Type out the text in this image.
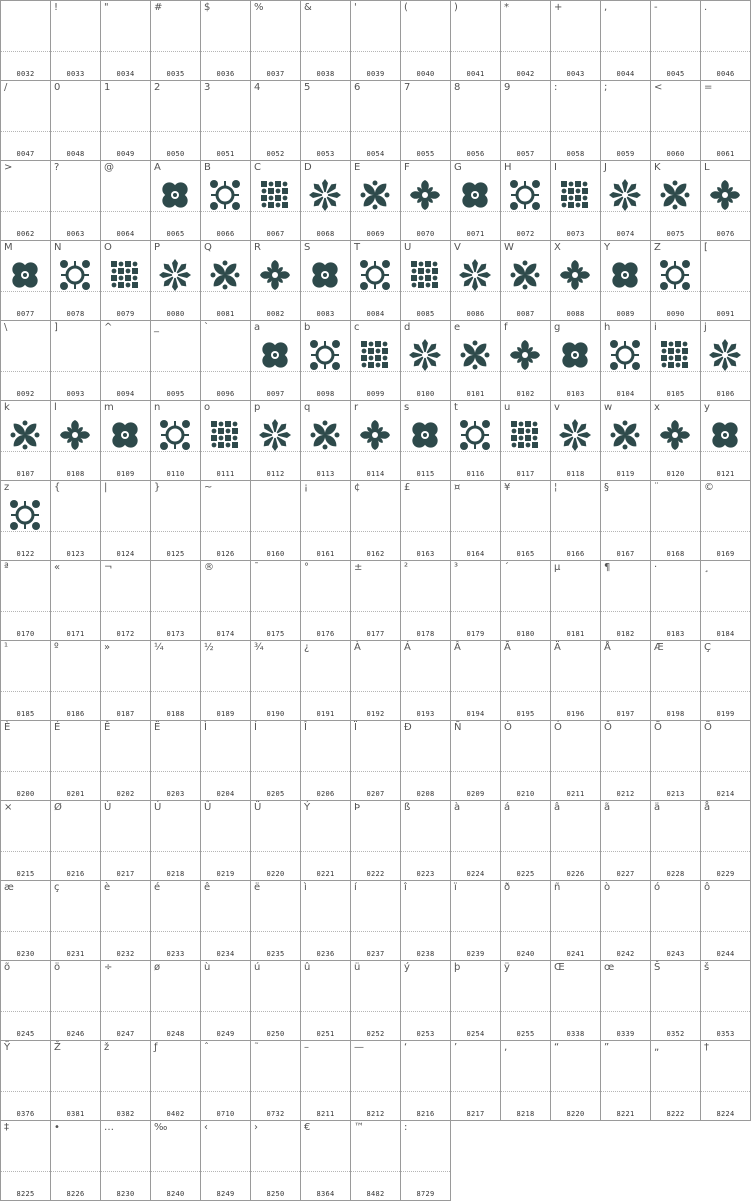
0032
!
0033
"
0034
#
0035
$
0036
%
0037
&
0038
'
0039
(
0040
)
0041
*
0042
+
0043
,
0044
-
0045
.
0046
/
0047
0
0048
1
0049
2
0050
3
0051
4
0052
5
0053
6
0054
7
0055
8
0056
9
0057
:
0058
;
0059
<
0060
=
0061
>
0062
?
0063
@
0064
A
0065
B
0066
C
0067
D
0068
E
0069
F
0070
G
0071
H
0072
I
0073
J
0074
K
0075
L
0076
M
0077
N
0078
O
0079
P
0080
Q
0081
R
0082
S
0083
T
0084
U
0085
V
0086
W
0087
X
0088
Y
0089
Z
0090
[
0091
\
0092
]
0093
^
0094
_
0095
`
0096
a
0097
b
0098
c
0099
d
0100
e
0101
f
0102
g
0103
h
0104
i
0105
j
0106
k
0107
l
0108
m
0109
n
0110
o
0111
p
0112
q
0113
r
0114
s
0115
t
0116
u
0117
v
0118
w
0119
x
0120
y
0121
z
0122
{
0123
|
0124
}
0125
~
0126	0160
¡
0161
¢
0162
£
0163
¤
0164
¥
0165
¦
0166
§
0167
¨
0168
©
0169
ª
0170
«
0171
¬
0172	0173
®
0174
¯
0175
°
0176
±
0177
²
0178
³
0179
´
0180
µ
0181
¶
0182
·
0183
¸
0184
¹
0185
º
0186
»
0187
¼
0188
½
0189
¾
0190
¿
0191
À
0192
Á
0193
Â
0194
Ã
0195
Ä
0196
Å
0197
Æ
0198
Ç
0199
È
0200
É
0201
Ê
0202
Ë
0203
Ì
0204
Í
0205
Î
0206
Ï
0207
Ð
0208
Ñ
0209
Ò
0210
Ó
0211
Ô
0212
Õ
0213
Ö
0214
×
0215
Ø
0216
Ù
0217
Ú
0218
Û
0219
Ü
0220
Ý
0221
Þ
0222
ß
0223
à
0224
á
0225
â
0226
ã
0227
ä
0228
å
0229
æ
0230
ç
0231
è
0232
é
0233
ê
0234
ë
0235
ì
0236
í
0237
î
0238
ï
0239
ð
0240
ñ
0241
ò
0242
ó
0243
ô
0244
õ
0245
ö
0246
÷
0247
ø
0248
ù
0249
ú
0250
û
0251
ü
0252
ý
0253
þ
0254
ÿ
0255
Œ
0338
œ
0339
Š
0352
š
0353
Ÿ
0376
Ž
0381
ž
0382
ƒ
0402
ˆ
0710
˜
0732
–
8211
—
8212
‘
8216
’
8217
‚
8218
“
8220
”
8221
„
8222
†
8224
‡
8225
•
8226
…
8230
‰
8240
‹
8249
›
8250
€
8364
™
8482
:
8729
